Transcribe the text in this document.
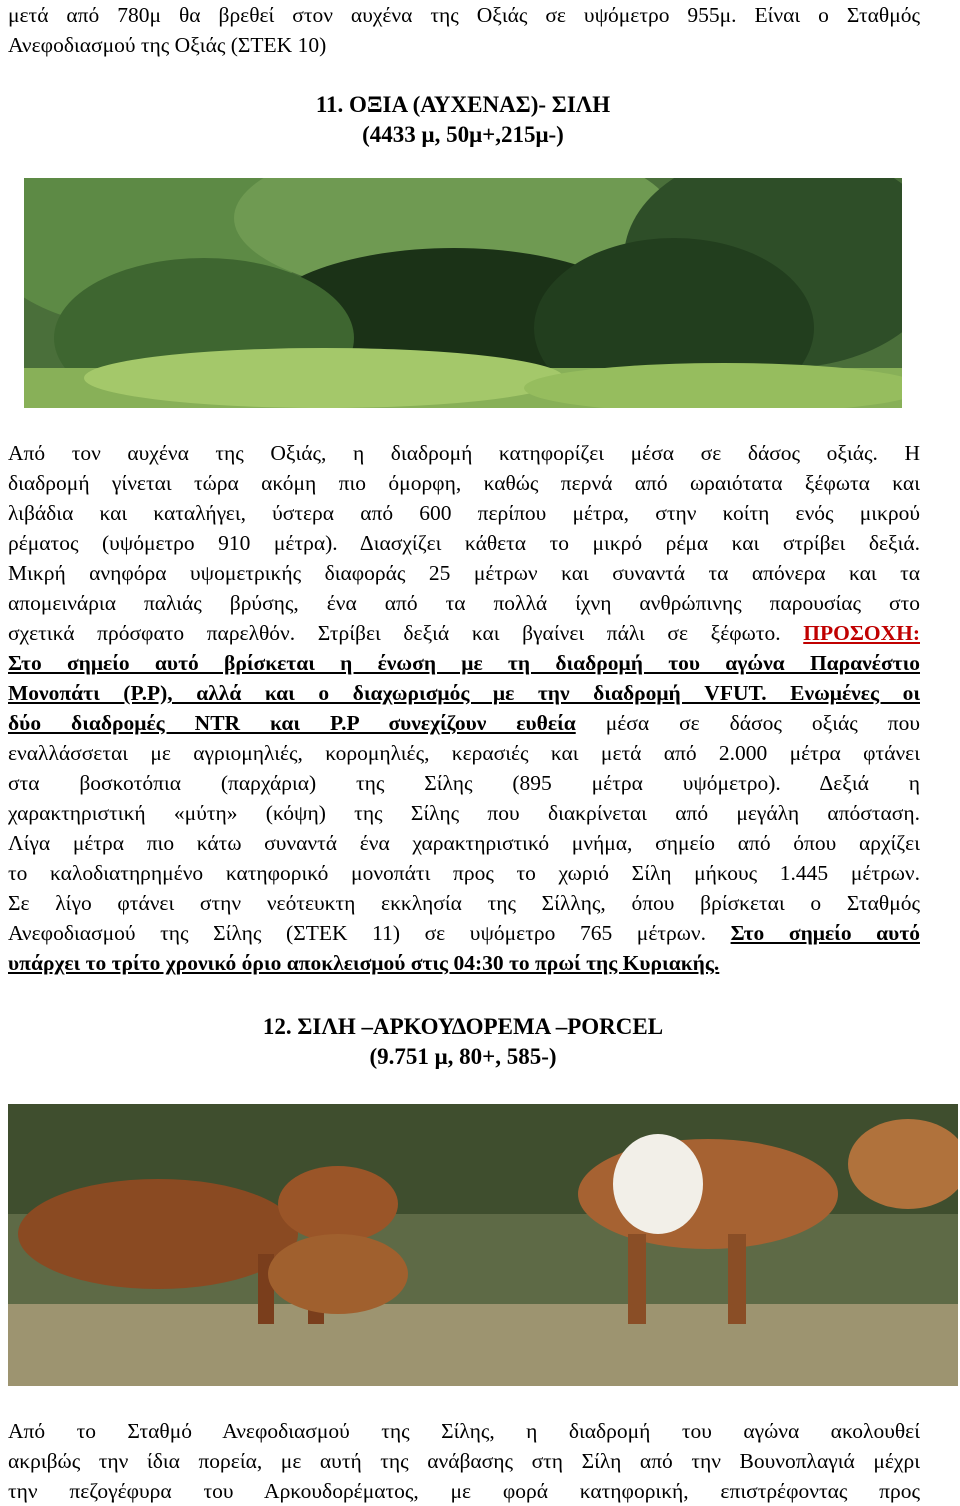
μετά από 780μ θα βρεθεί στον αυχένα της Οξιάς σε υψόμετρο 955μ. Είναι ο Σταθμός
Ανεφοδιασμού της Οξιάς (ΣΤΕΚ 10)
11. ΟΞΙΑ (ΑΥΧΕΝΑΣ)- ΣΙΛΗ
(4433 μ, 50μ+,215μ-)
Από τον αυχένα της Οξιάς, η διαδρομή κατηφορίζει μέσα σε δάσος οξιάς. Η
διαδρομή γίνεται τώρα ακόμη πιο όμορφη, καθώς περνά από ωραιότατα ξέφωτα και
λιβάδια και καταλήγει, ύστερα από 600 περίπου μέτρα, στην κοίτη ενός μικρού
ρέματος (υψόμετρο 910 μέτρα). Διασχίζει κάθετα το μικρό ρέμα και στρίβει δεξιά.
Μικρή ανηφόρα υψομετρικής διαφοράς 25 μέτρων και συναντά τα απόνερα και τα
απομεινάρια παλιάς βρύσης, ένα από τα πολλά ίχνη ανθρώπινης παρουσίας στο
σχετικά πρόσφατο παρελθόν. Στρίβει δεξιά και βγαίνει πάλι σε ξέφωτο. ΠΡΟΣΟΧΗ:
Στο σημείο αυτό βρίσκεται η ένωση με τη διαδρομή του αγώνα Παρανέστιο
Μονοπάτι (P.P), αλλά και ο διαχωρισμός με την διαδρομή VFUT. Ενωμένες οι
δύο διαδρομές NTR και P.P συνεχίζουν ευθεία μέσα σε δάσος οξιάς που
εναλλάσσεται με αγριομηλιές, κορομηλιές, κερασιές και μετά από 2.000 μέτρα φτάνει
στα βοσκοτόπια (παρχάρια) της Σίλης (895 μέτρα υψόμετρο). Δεξιά η
χαρακτηριστική «μύτη» (κόψη) της Σίλης που διακρίνεται από μεγάλη απόσταση.
Λίγα μέτρα πιο κάτω συναντά ένα χαρακτηριστικό μνήμα, σημείο από όπου αρχίζει
το καλοδιατηρημένο κατηφορικό μονοπάτι προς το χωριό Σίλη μήκους 1.445 μέτρων.
Σε λίγο φτάνει στην νεότευκτη εκκλησία της Σίλλης, όπου βρίσκεται ο Σταθμός
Ανεφοδιασμού της Σίλης (ΣΤΕΚ 11) σε υψόμετρο 765 μέτρων. Στο σημείο αυτό
υπάρχει το τρίτο χρονικό όριο αποκλεισμού στις 04:30 το πρωί της Κυριακής.
12. ΣΙΛΗ –ΑΡΚΟΥΔΟΡΕΜΑ –PORCEL
(9.751 μ, 80+, 585-)
Από το Σταθμό Ανεφοδιασμού της Σίλης, η διαδρομή του αγώνα ακολουθεί
ακριβώς την ίδια πορεία, με αυτή της ανάβασης στη Σίλη από την Βουνοπλαγιά μέχρι
την πεζογέφυρα του Αρκουδορέματος, με φορά κατηφορική, επιστρέφοντας προς
